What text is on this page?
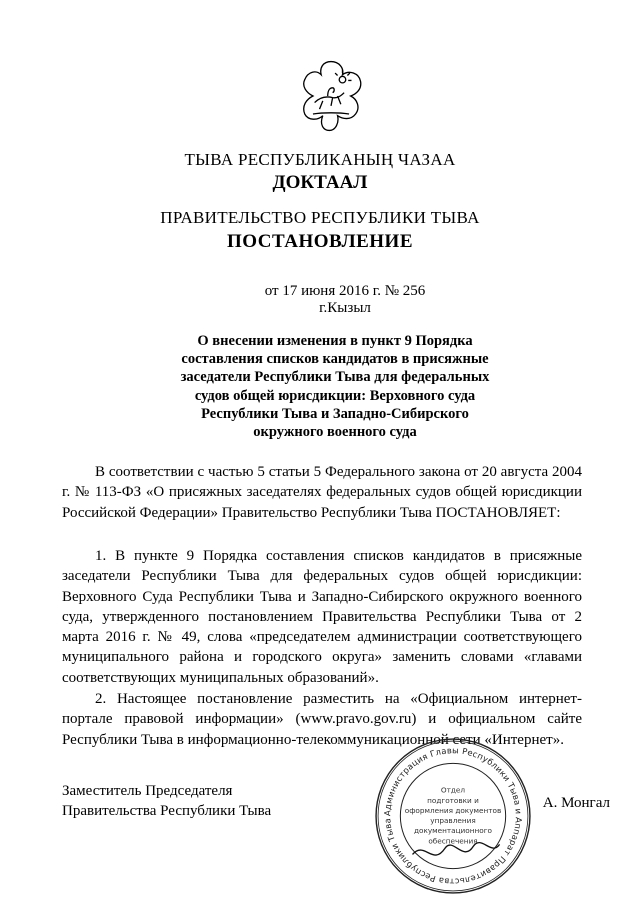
ТЫВА РЕСПУБЛИКАНЫҢ ЧАЗАА
ДОКТААЛ
ПРАВИТЕЛЬСТВО РЕСПУБЛИКИ ТЫВА
ПОСТАНОВЛЕНИЕ
от 17 июня 2016 г. № 256
г.Кызыл
О внесении изменения в пункт 9 Порядка
составления списков кандидатов в присяжные
заседатели Республики Тыва для федеральных
судов общей юрисдикции: Верховного суда
Республики Тыва и Западно-Сибирского
окружного военного суда

В соответствии с частью 5 статьи 5 Федерального закона от 20 августа 2004 г. № 113-ФЗ «О присяжных заседателях федеральных судов общей юрисдикции Российской Федерации» Правительство Республики Тыва ПОСТАНОВЛЯЕТ:

1. В пункте 9 Порядка составления списков кандидатов в присяжные заседатели Республики Тыва для федеральных судов общей юрисдикции: Верховного Суда Республики Тыва и Западно-Сибирского окружного военного суда, утвержденного постановлением Правительства Республики Тыва от 2 марта 2016 г. № 49, слова «председателем администрации соответствующего муниципального района и городского округа» заменить словами «главами соответствующих муниципальных образований».

2. Настоящее постановление разместить на «Официальном интернет-портале правовой информации» (www.pravo.gov.ru) и официальном сайте Республики Тыва в информационно-телекоммуникационной сети «Интернет».

Заместитель Председателя
Правительства Республики Тыва
А. Монгал
Администрация Главы Республики Тыва и Аппарат Правительства Республики Тыва
Отдел
подготовки и
оформления документов
управления
документационного
обеспечения
